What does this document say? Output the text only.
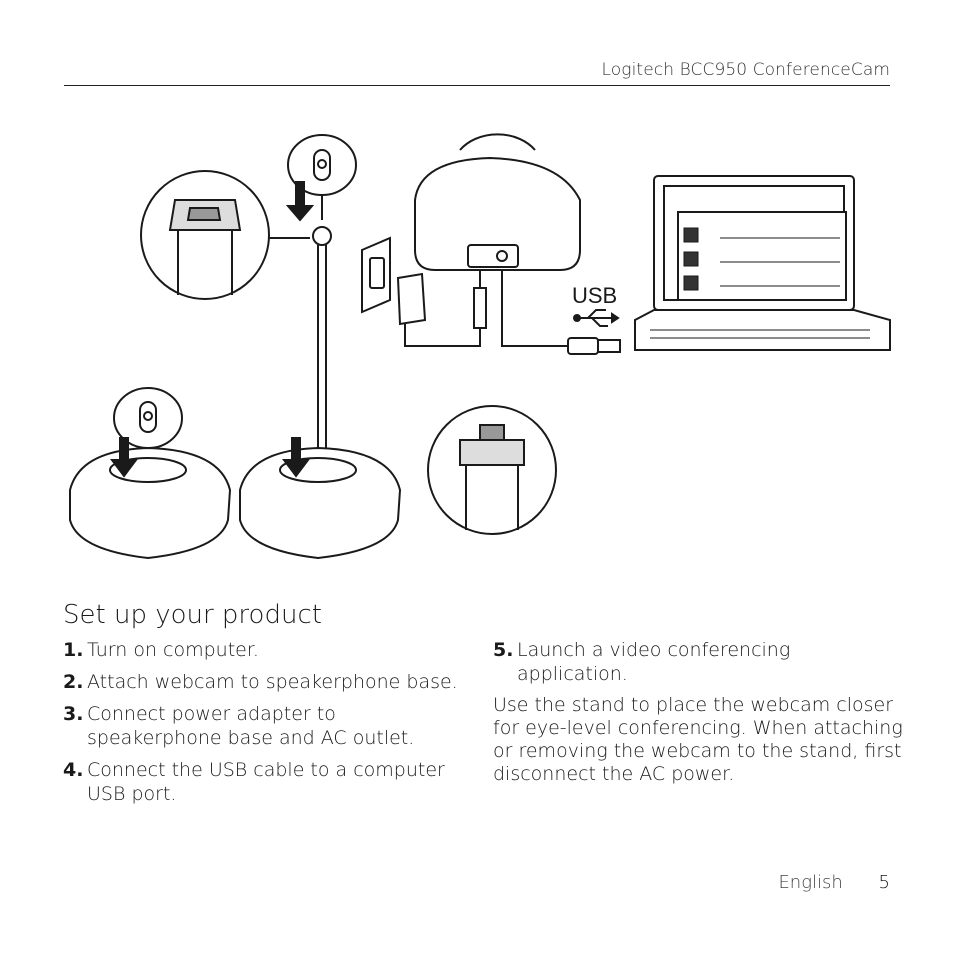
Logitech BCC950 ConferenceCam
USB
Set up your product
1. Turn on computer.
2. Attach webcam to speakerphone base.
3. Connect power adapter to speakerphone base and AC outlet.
4. Connect the USB cable to a computer USB port.
5. Launch a video conferencing application.
Use the stand to place the webcam closer for eye-level conferencing. When attaching or removing the webcam to the stand, first disconnect the AC power.
English 5
